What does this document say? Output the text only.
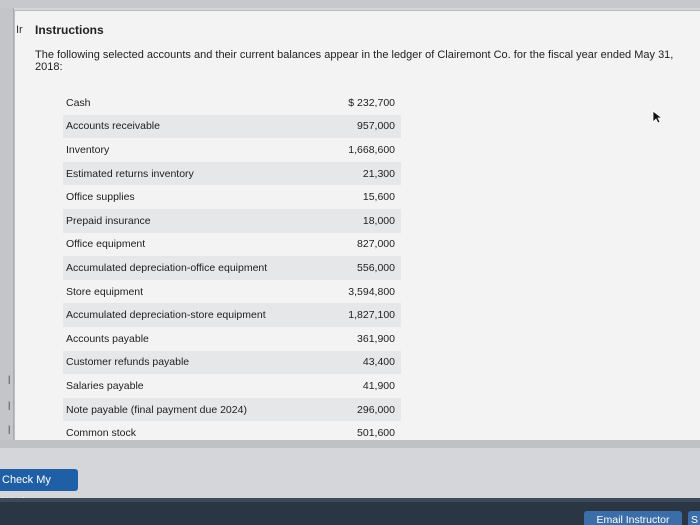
|
|
|
Ir	Instructions

The following selected accounts and their current balances appear in the ledger of Clairemont Co. for the fiscal year ended May 31, 2018:

Cash	$ 232,700
Accounts receivable	957,000
Inventory	1,668,600
Estimated returns inventory	21,300
Office supplies	15,600
Prepaid insurance	18,000
Office equipment	827,000
Accumulated depreciation-office equipment	556,000
Store equipment	3,594,800
Accumulated depreciation-store equipment	1,827,100
Accounts payable	361,900
Customer refunds payable	43,400
Salaries payable	41,900
Note payable (final payment due 2024)	296,000
Common stock	501,600
Check My
Email Instructor	S
